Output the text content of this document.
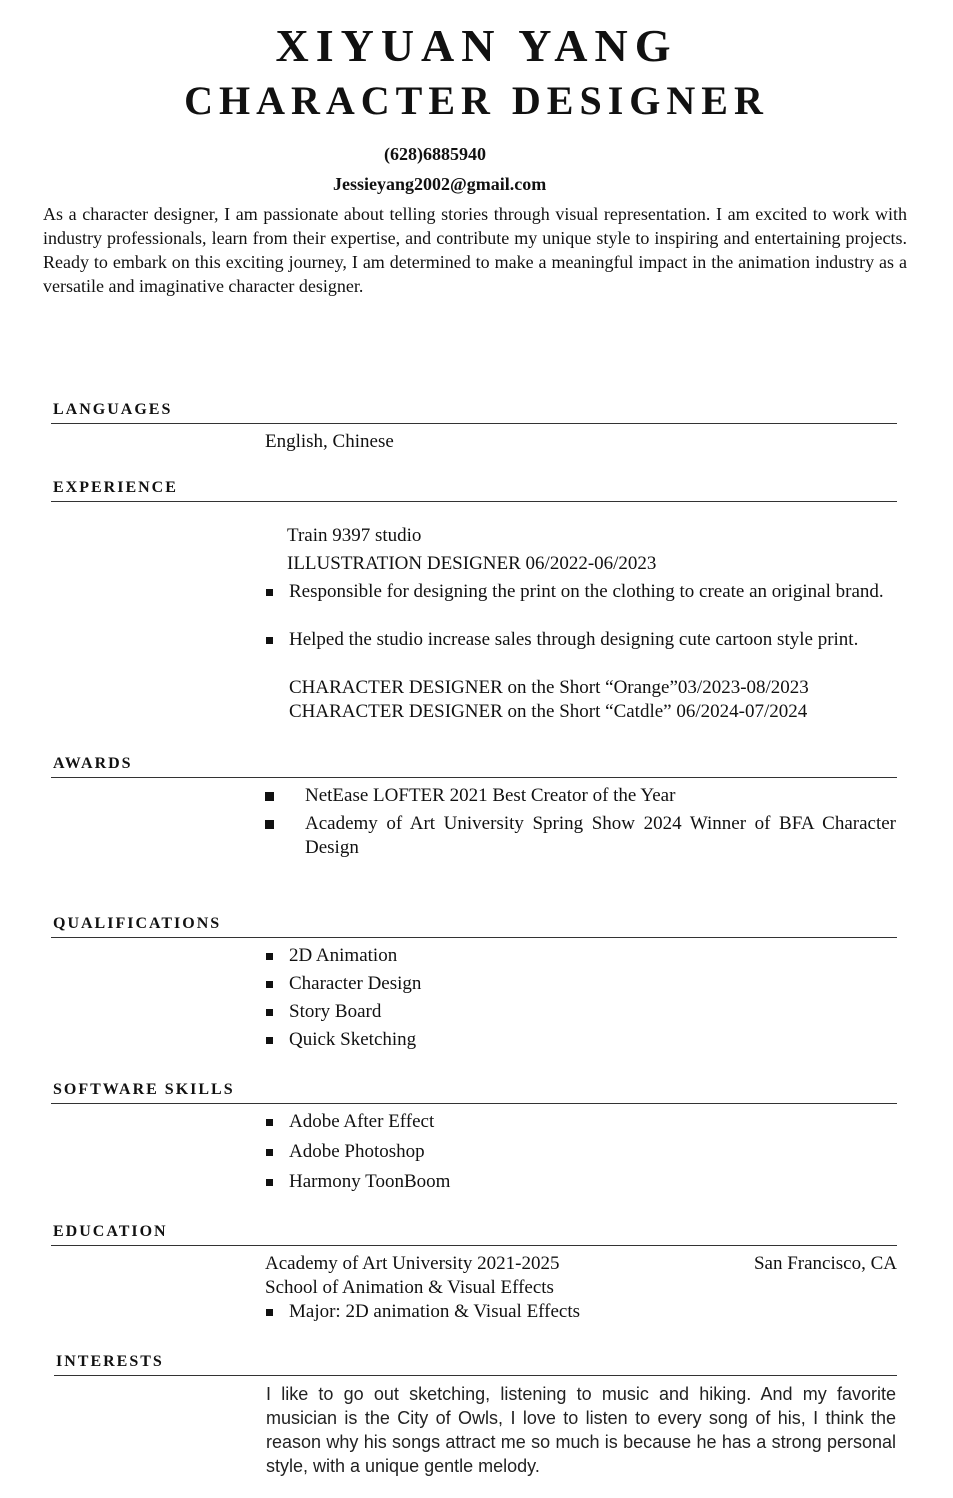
XIYUAN YANG
CHARACTER DESIGNER
(628)6885940
Jessieyang2002@gmail.com
As a character designer, I am passionate about telling stories through visual representation. I am excited to work with industry professionals, learn from their expertise, and contribute my unique style to inspiring and entertaining projects. Ready to embark on this exciting journey, I am determined to make a meaningful impact in the animation industry as a versatile and imaginative character designer.
LANGUAGES
English, Chinese
EXPERIENCE
Train 9397 studio
ILLUSTRATION DESIGNER 06/2022-06/2023
Responsible for designing the print on the clothing to create an original brand.
Helped the studio increase sales through designing cute cartoon style print.
CHARACTER DESIGNER on the Short “Orange”03/2023-08/2023
CHARACTER DESIGNER on the Short “Catdle” 06/2024-07/2024
AWARDS
NetEase LOFTER 2021 Best Creator of the Year
Academy of Art University Spring Show 2024 Winner of BFA Character Design
QUALIFICATIONS
2D Animation
Character Design
Story Board
Quick Sketching
SOFTWARE SKILLS
Adobe After Effect
Adobe Photoshop
Harmony ToonBoom
EDUCATION
Academy of Art University 2021-2025	San Francisco, CA
School of Animation & Visual Effects
Major: 2D animation & Visual Effects
INTERESTS
I like to go out sketching, listening to music and hiking. And my favorite musician is the City of Owls, I love to listen to every song of his, I think the reason why his songs attract me so much is because he has a strong personal style, with a unique gentle melody.
